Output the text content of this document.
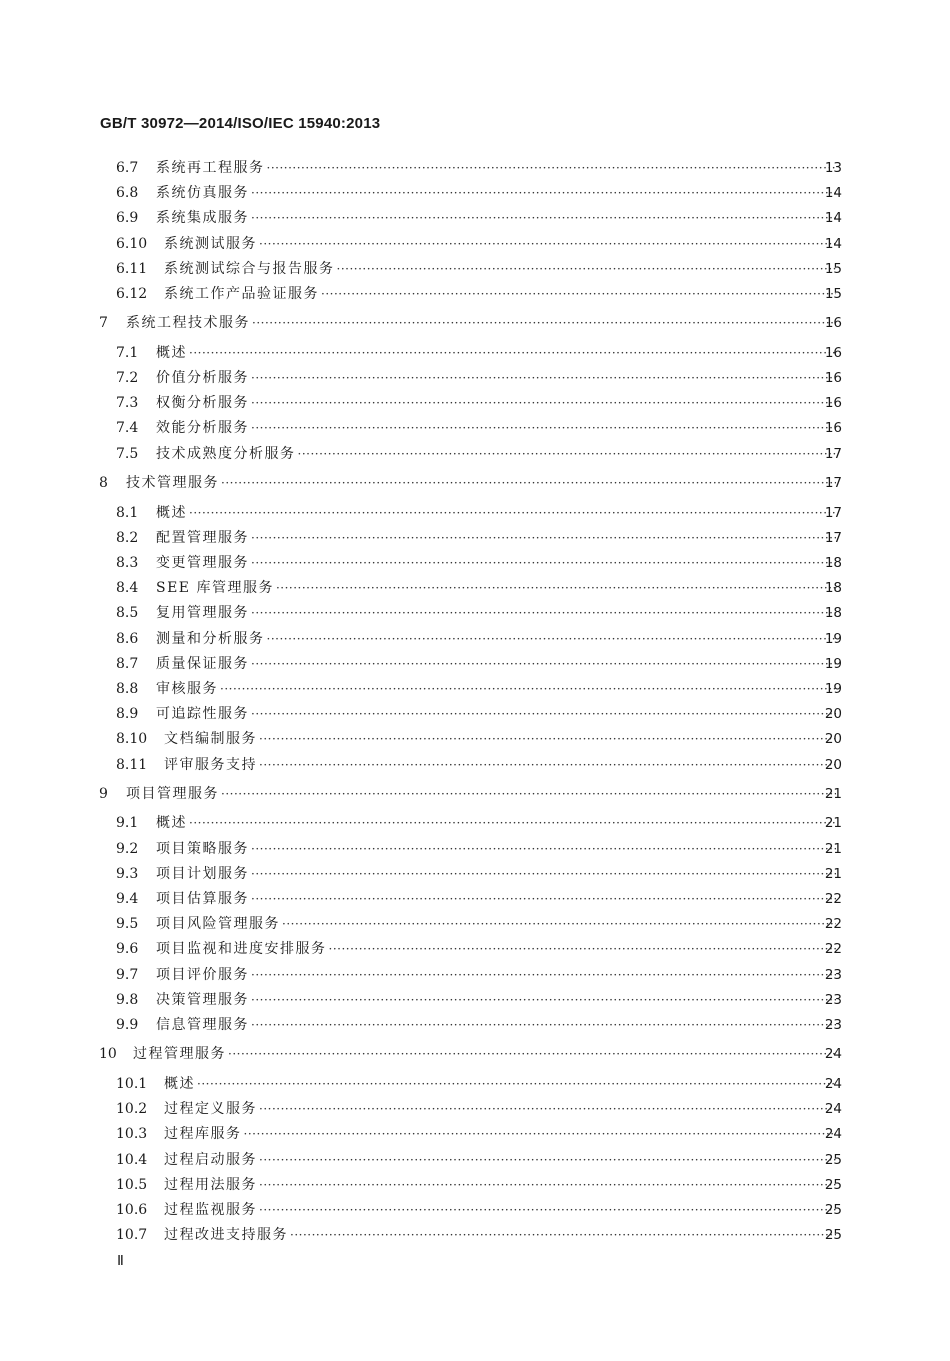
GB/T 30972—2014/ISO/IEC 15940:2013
6.7	系统再工程服务 ·····	13
6.8	系统仿真服务 ·····	14
6.9	系统集成服务 ·····	14
6.10	系统测试服务 ·····	14
6.11	系统测试综合与报告服务 ·····	15
6.12	系统工作产品验证服务 ·····	15
7	系统工程技术服务 ·····	16
7.1	概述 ·····	16
7.2	价值分析服务 ·····	16
7.3	权衡分析服务 ·····	16
7.4	效能分析服务 ·····	16
7.5	技术成熟度分析服务 ·····	17
8	技术管理服务 ·····	17
8.1	概述 ·····	17
8.2	配置管理服务 ·····	17
8.3	变更管理服务 ·····	18
8.4	SEE 库管理服务 ·····	18
8.5	复用管理服务 ·····	18
8.6	测量和分析服务 ·····	19
8.7	质量保证服务 ·····	19
8.8	审核服务 ·····	19
8.9	可追踪性服务 ·····	20
8.10	文档编制服务 ·····	20
8.11	评审服务支持 ·····	20
9	项目管理服务 ·····	21
9.1	概述 ·····	21
9.2	项目策略服务 ·····	21
9.3	项目计划服务 ·····	21
9.4	项目估算服务 ·····	22
9.5	项目风险管理服务 ·····	22
9.6	项目监视和进度安排服务 ·····	22
9.7	项目评价服务 ·····	23
9.8	决策管理服务 ·····	23
9.9	信息管理服务 ·····	23
10	过程管理服务 ·····	24
10.1	概述 ·····	24
10.2	过程定义服务 ·····	24
10.3	过程库服务 ·····	24
10.4	过程启动服务 ·····	25
10.5	过程用法服务 ·····	25
10.6	过程监视服务 ·····	25
10.7	过程改进支持服务 ·····	25
Ⅱ
